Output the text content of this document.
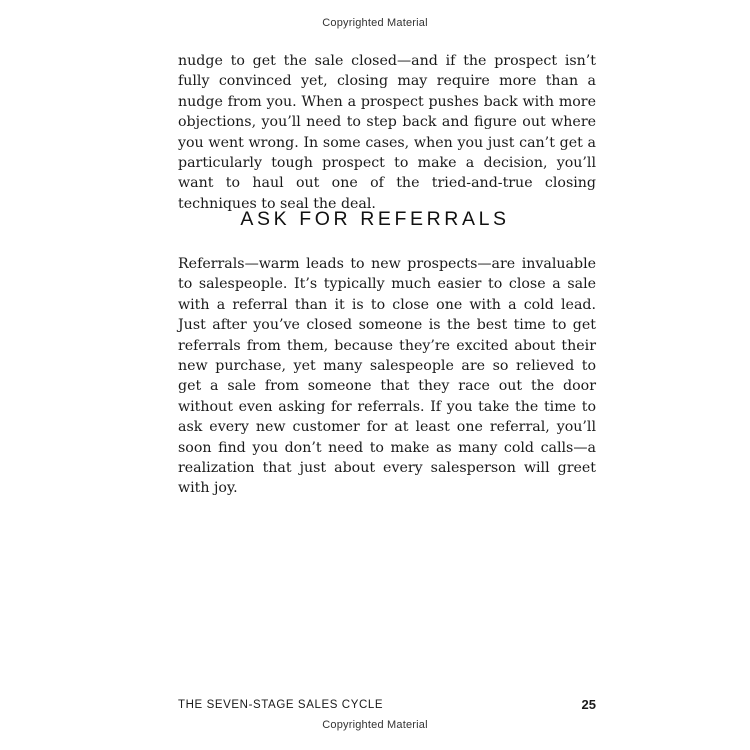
Copyrighted Material

nudge to get the sale closed—and if the prospect isn’t fully convinced yet, closing may require more than a nudge from you. When a prospect pushes back with more objections, you’ll need to step back and figure out where you went wrong. In some cases, when you just can’t get a particularly tough prospect to make a decision, you’ll want to haul out one of the tried-and-true closing techniques to seal the deal.

ASK FOR REFERRALS

Referrals—warm leads to new prospects—are invaluable to salespeople. It’s typically much easier to close a sale with a referral than it is to close one with a cold lead. Just after you’ve closed someone is the best time to get referrals from them, because they’re excited about their new purchase, yet many salespeople are so relieved to get a sale from someone that they race out the door without even asking for referrals. If you take the time to ask every new customer for at least one referral, you’ll soon find you don’t need to make as many cold calls—a realization that just about every salesperson will greet with joy.

THE SEVEN-STAGE SALES CYCLE	25
Copyrighted Material
